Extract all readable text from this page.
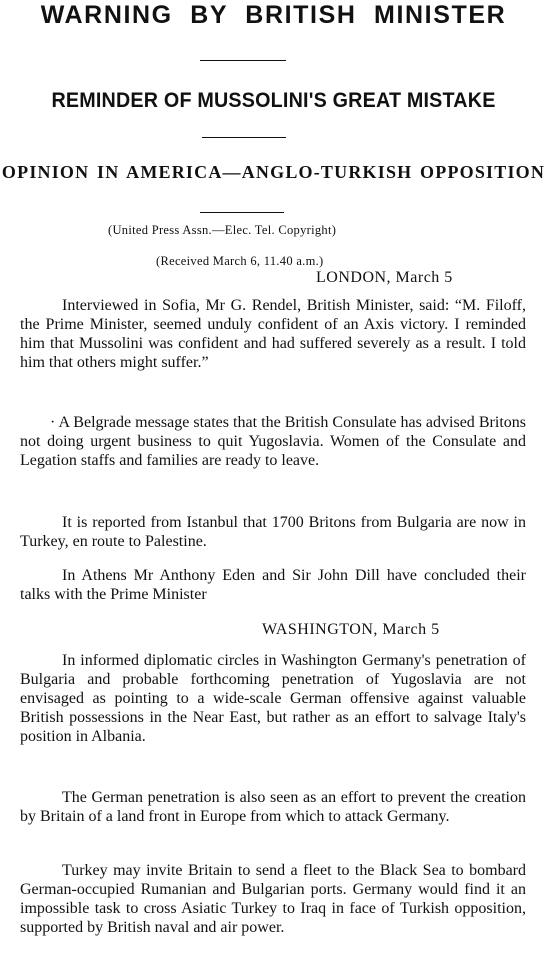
WARNING BY BRITISH MINISTER
REMINDER OF MUSSOLINI'S GREAT MISTAKE
OPINION IN AMERICA—ANGLO-TURKISH OPPOSITION
(United Press Assn.—Elec. Tel. Copyright)
(Received March 6, 11.40 a.m.)
LONDON, March 5

Interviewed in Sofia, Mr G. Rendel, British Minister, said: “M. Filoff, the Prime Minister, seemed unduly confident of an Axis victory. I reminded him that Mussolini was confident and had suffered severely as a result. I told him that others might suffer.”

· A Belgrade message states that the British Consulate has advised Britons not doing urgent business to quit Yugoslavia. Women of the Consulate and Legation staffs and families are ready to leave.

It is reported from Istanbul that 1700 Britons from Bulgaria are now in Turkey, en route to Palestine.

In Athens Mr Anthony Eden and Sir John Dill have concluded their talks with the Prime Minister

WASHINGTON, March 5

In informed diplomatic circles in Washington Germany's penetration of Bulgaria and probable forthcoming penetration of Yugoslavia are not envisaged as pointing to a wide-scale German offensive against valuable British possessions in the Near East, but rather as an effort to salvage Italy's position in Albania.

The German penetration is also seen as an effort to prevent the creation by Britain of a land front in Europe from which to attack Germany.

Turkey may invite Britain to send a fleet to the Black Sea to bombard German-occupied Rumanian and Bulgarian ports. Germany would find it an impossible task to cross Asiatic Turkey to Iraq in face of Turkish opposition, supported by British naval and air power.
